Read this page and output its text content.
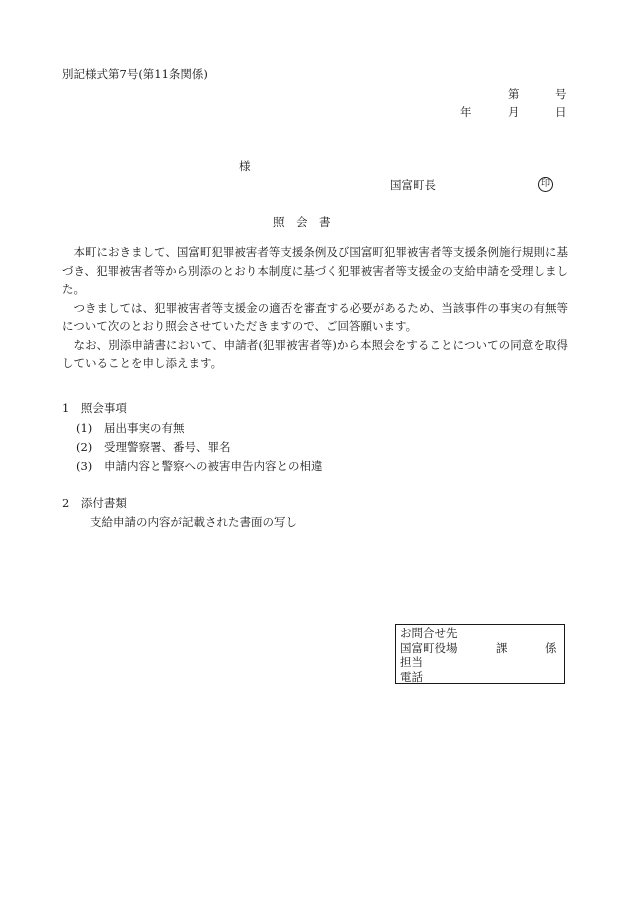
別記様式第7号(第11条関係)
第	号
年	月	日
様
国富町長	印
照　会　書

本町におきまして、国富町犯罪被害者等支援条例及び国富町犯罪被害者等支援条例施行規則に基づき、犯罪被害者等から別添のとおり本制度に基づく犯罪被害者等支援金の支給申請を受理しました。

つきましては、犯罪被害者等支援金の適否を審査する必要があるため、当該事件の事実の有無等について次のとおり照会させていただきますので、ご回答願います。

なお、別添申請書において、申請者(犯罪被害者等)から本照会をすることについての同意を取得していることを申し添えます。

1　照会事項
(1) 届出事実の有無
(2) 受理警察署、番号、罪名
(3) 申請内容と警察への被害申告内容との相違
2　添付書類
支給申請の内容が記載された書面の写し
お問合せ先
国富町役場	課	係
担当
電話
